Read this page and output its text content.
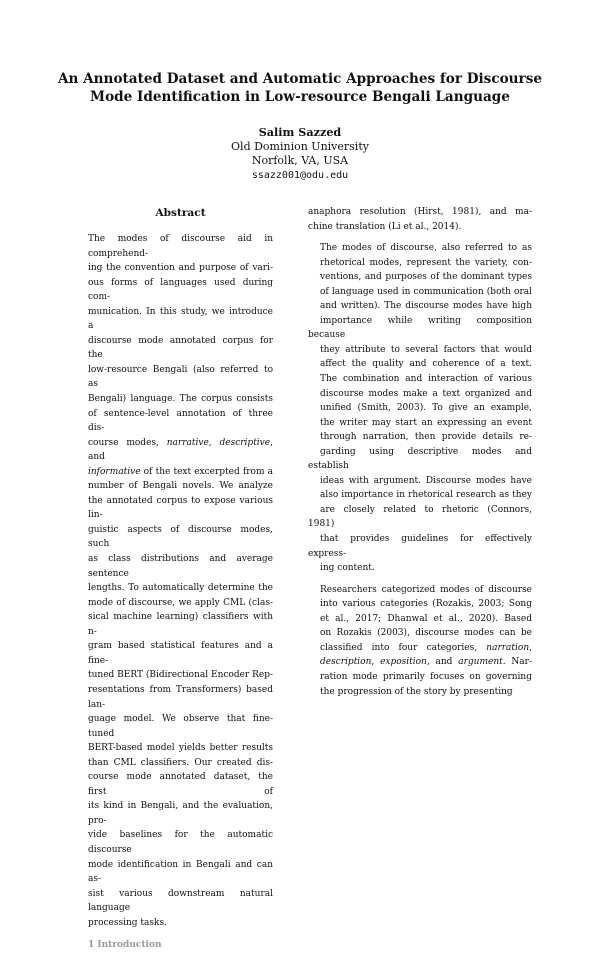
An Annotated Dataset and Automatic Approaches for Discourse
Mode Identification in Low-resource Bengali Language
Salim Sazzed
Old Dominion University
Norfolk, VA, USA
ssazz001@odu.edu
Abstract
The modes of discourse aid in comprehend-
ing the convention and purpose of vari-
ous forms of languages used during com-
munication. In this study, we introduce a
discourse mode annotated corpus for the
low-resource Bengali (also referred to as
Bengali) language. The corpus consists
of sentence-level annotation of three dis-
course modes, narrative, descriptive, and
informative of the text excerpted from a
number of Bengali novels. We analyze
the annotated corpus to expose various lin-
guistic aspects of discourse modes, such
as class distributions and average sentence
lengths. To automatically determine the
mode of discourse, we apply CML (clas-
sical machine learning) classifiers with n-
gram based statistical features and a fine-
tuned BERT (Bidirectional Encoder Rep-
resentations from Transformers) based lan-
guage model. We observe that fine-tuned
BERT-based model yields better results
than CML classifiers. Our created dis-
course mode annotated dataset, the first of
its kind in Bengali, and the evaluation, pro-
vide baselines for the automatic discourse
mode identification in Bengali and can as-
sist various downstream natural language
processing tasks.
1 Introduction

anaphora resolution (Hirst, 1981), and ma-
chine translation (Li et al., 2014).

The modes of discourse, also referred to as
rhetorical modes, represent the variety, con-
ventions, and purposes of the dominant types
of language used in communication (both oral
and written). The discourse modes have high
importance while writing composition because
they attribute to several factors that would
affect the quality and coherence of a text.
The combination and interaction of various
discourse modes make a text organized and
unified (Smith, 2003). To give an example,
the writer may start an expressing an event
through narration, then provide details re-
garding using descriptive modes and establish
ideas with argument. Discourse modes have
also importance in rhetorical research as they
are closely related to rhetoric (Connors, 1981)
that provides guidelines for effectively express-
ing content.

Researchers categorized modes of discourse
into various categories (Rozakis, 2003; Song
et al., 2017; Dhanwal et al., 2020). Based
on Rozakis (2003), discourse modes can be
classified into four categories, narration,
description, exposition, and argument. Nar-
ration mode primarily focuses on governing
the progression of the story by presenting
